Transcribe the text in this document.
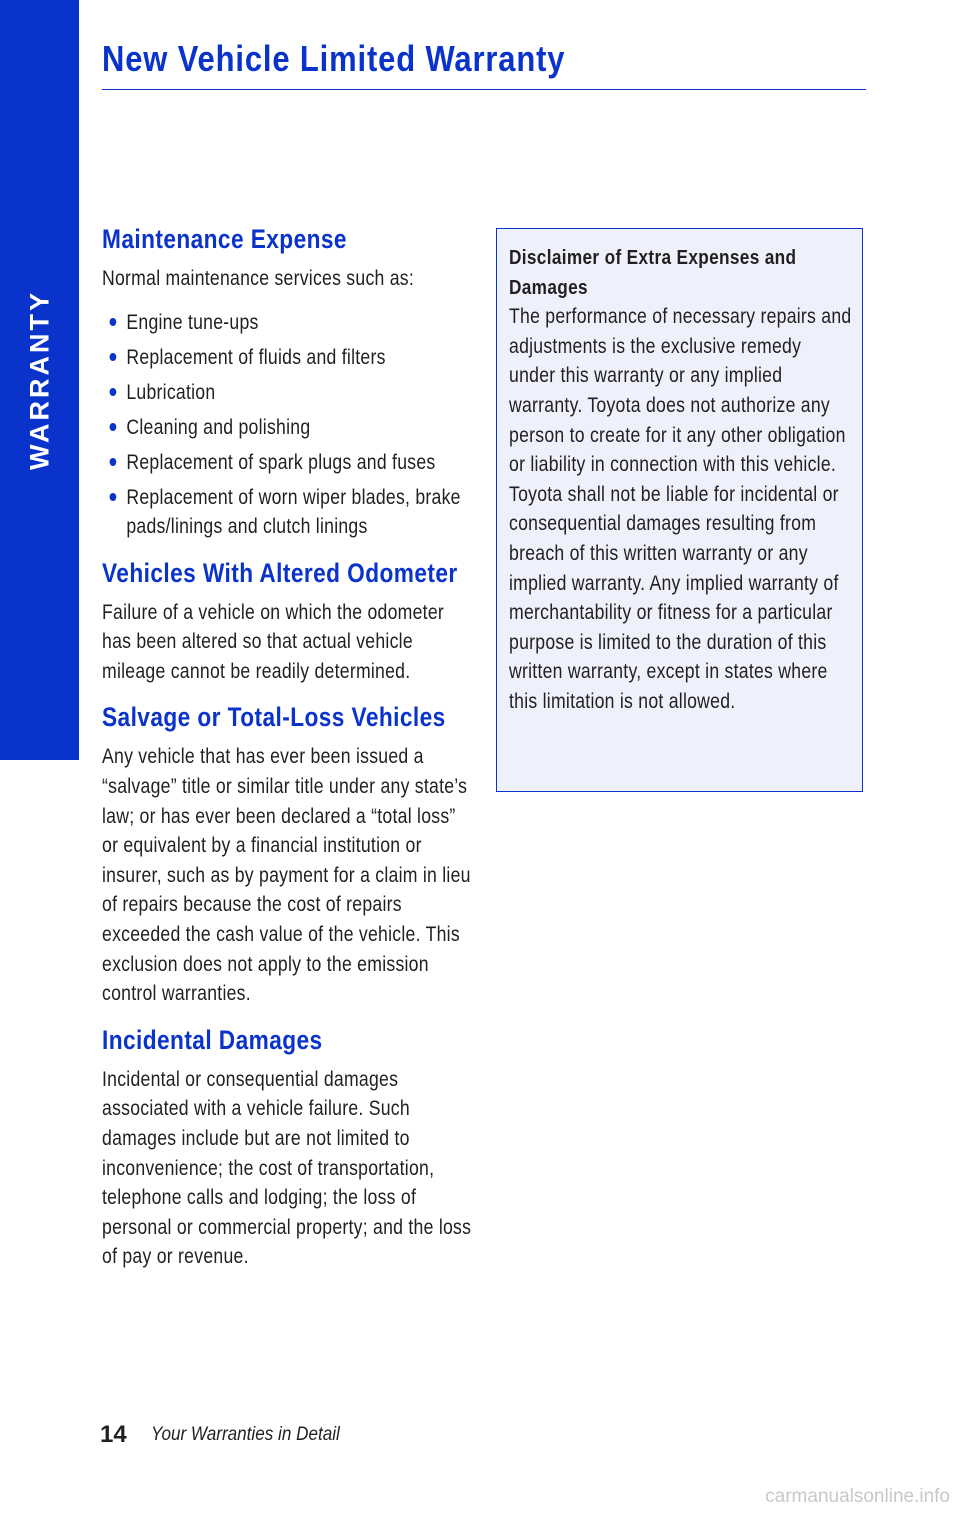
WARRANTY
New Vehicle Limited Warranty
Maintenance Expense

Normal maintenance services such as:

Engine tune-ups
Replacement of fluids and filters
Lubrication
Cleaning and polishing
Replacement of spark plugs and fuses
Replacement of worn wiper blades, brake pads/linings and clutch linings
Vehicles With Altered Odometer

Failure of a vehicle on which the odometer has been altered so that actual vehicle mileage cannot be readily determined.

Salvage or Total-Loss Vehicles

Any vehicle that has ever been issued a “salvage” title or similar title under any state’s law; or has ever been declared a “total loss” or equivalent by a financial institution or insurer, such as by payment for a claim in lieu of repairs because the cost of repairs exceeded the cash value of the vehicle. This exclusion does not apply to the emission control warranties.

Incidental Damages

Incidental or consequential damages associated with a vehicle failure. Such damages include but are not limited to inconvenience; the cost of transportation, telephone calls and lodging; the loss of personal or commercial property; and the loss of pay or revenue.

Disclaimer of Extra Expenses and Damages

The performance of necessary repairs and adjustments is the exclusive remedy under this warranty or any implied warranty. Toyota does not authorize any person to create for it any other obligation or liability in connection with this vehicle. Toyota shall not be liable for incidental or consequential damages resulting from breach of this written warranty or any implied warranty. Any implied warranty of merchantability or fitness for a particular purpose is limited to the duration of this written warranty, except in states where this limitation is not allowed.

14 Your Warranties in Detail
carmanualsonline.info
